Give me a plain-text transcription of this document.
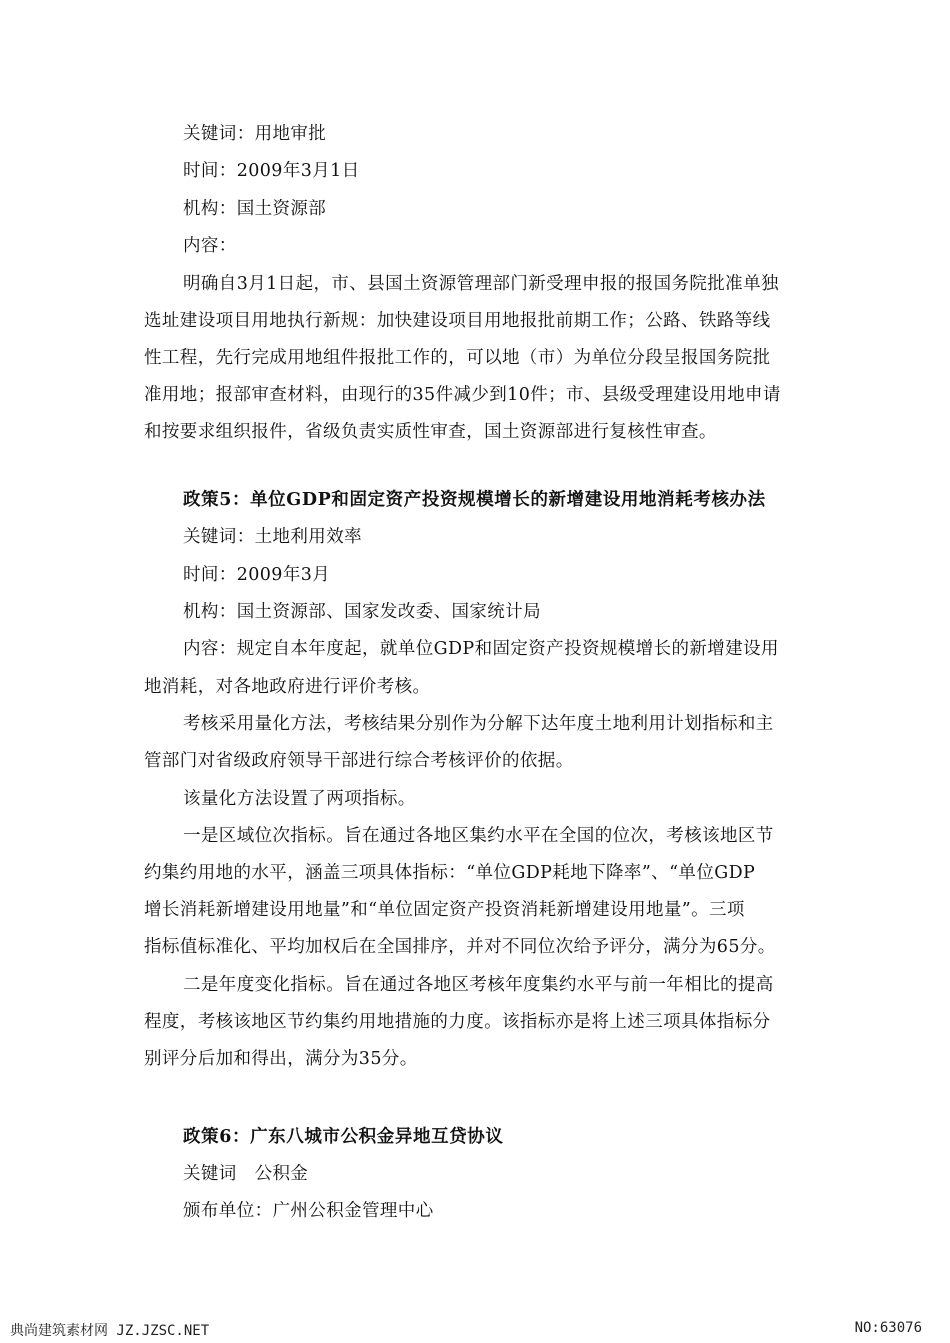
关键词：用地审批
时间：2009年3月1日
机构：国土资源部
内容：
明确自3月1日起，市、县国土资源管理部门新受理申报的报国务院批准单独
选址建设项目用地执行新规：加快建设项目用地报批前期工作；公路、铁路等线
性工程，先行完成用地组件报批工作的，可以地（市）为单位分段呈报国务院批
准用地；报部审查材料，由现行的35件减少到10件；市、县级受理建设用地申请
和按要求组织报件，省级负责实质性审查，国土资源部进行复核性审查。
政策5：单位GDP和固定资产投资规模增长的新增建设用地消耗考核办法
关键词：土地利用效率
时间：2009年3月
机构：国土资源部、国家发改委、国家统计局
内容：规定自本年度起，就单位GDP和固定资产投资规模增长的新增建设用
地消耗，对各地政府进行评价考核。
考核采用量化方法，考核结果分别作为分解下达年度土地利用计划指标和主
管部门对省级政府领导干部进行综合考核评价的依据。
该量化方法设置了两项指标。
一是区域位次指标。旨在通过各地区集约水平在全国的位次，考核该地区节
约集约用地的水平，涵盖三项具体指标：“单位GDP耗地下降率”、“单位GDP
增长消耗新增建设用地量”和“单位固定资产投资消耗新增建设用地量”。三项
指标值标准化、平均加权后在全国排序，并对不同位次给予评分，满分为65分。
二是年度变化指标。旨在通过各地区考核年度集约水平与前一年相比的提高
程度，考核该地区节约集约用地措施的力度。该指标亦是将上述三项具体指标分
别评分后加和得出，满分为35分。
政策6：广东八城市公积金异地互贷协议
关键词　公积金
颁布单位：广州公积金管理中心
典尚建筑素材网 JZ.JZSC.NET	NO:63076
